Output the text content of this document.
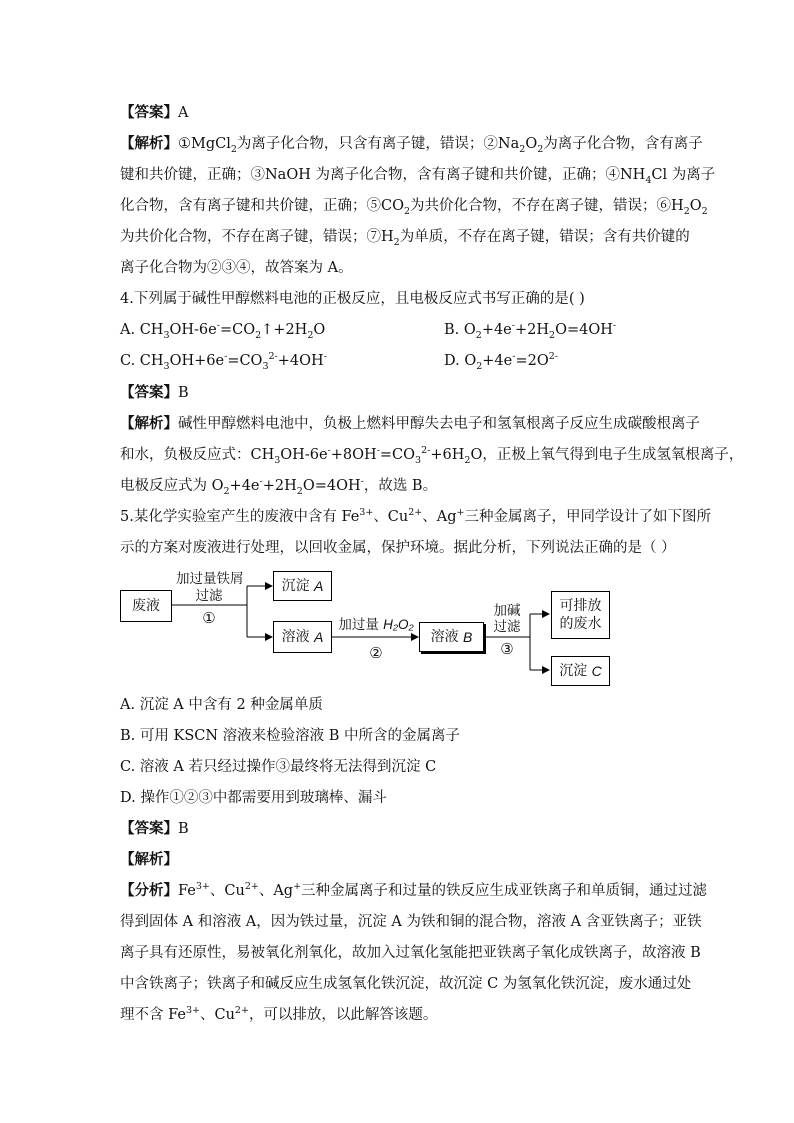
【答案】A
【解析】①MgCl$_2$为离子化合物，只含有离子键，错误；$②Na_2O_2$为离子化合物，含有离子
键和共价键，正确；③NaOH 为离子化合物，含有离子键和共价键，正确；$④NH_4Cl$ 为离子
化合物，含有离子键和共价键，正确；$⑤CO_2$为共价化合物，不存在离子键，错误；$⑥H_2O_2$
为共价化合物，不存在离子键，错误；$⑦H_2$为单质，不存在离子键，错误；含有共价键的
离子化合物为②③④，故答案为 A。
4.下列属于碱性甲醇燃料电池的正极反应，且电极反应式书写正确的是( )
A. $CH_3OH-6e^-=CO_2↑+2H_2O$	B. $O_2+4e^-+2H_2O=4OH^-$
C. $CH_3OH+6e^-=CO_3^{2-}+4OH^-$	D. $O_2+4e^-=2O^{2-}$
【答案】B
【解析】碱性甲醇燃料电池中，负极上燃料甲醇失去电子和氢氧根离子反应生成碳酸根离子
和水，负极反应式：$CH_3OH-6e^-+8OH^-=CO_3^{2-}+6H_2O$，正极上氧气得到电子生成氢氧根离子，
电极反应式为 $O_2+4e^-+2H_2O=4OH^-$，故选 B。
5.某化学实验室产生的废液中含有 $Fe^{3+}$、$Cu^{2+}$、Ag+三种金属离子，甲同学设计了如下图所
示的方案对废液进行处理，以回收金属，保护环境。据此分析，下列说法正确的是（ ）
废液
沉淀
A
溶液
A	溶液
B
可排放
的废水
沉淀
C
加过量铁屑
过滤
①	加过量 H₂O₂
②
加碱
过滤
③
A. 沉淀 A 中含有 2 种金属单质
B. 可用 KSCN 溶液来检验溶液 B 中所含的金属离子
C. 溶液 A 若只经过操作③最终将无法得到沉淀 C
D. 操作①②③中都需要用到玻璃棒、漏斗
【答案】B
【解析】
【分析】$Fe^{3+}$、$Cu^{2+}$、Ag+三种金属离子和过量的铁反应生成亚铁离子和单质铜，通过过滤
得到固体 A 和溶液 A，因为铁过量，沉淀 A 为铁和铜的混合物，溶液 A 含亚铁离子；亚铁
离子具有还原性，易被氧化剂氧化，故加入过氧化氢能把亚铁离子氧化成铁离子，故溶液 B
中含铁离子；铁离子和碱反应生成氢氧化铁沉淀，故沉淀 C 为氢氧化铁沉淀，废水通过处
理不含 $Fe^{3+}$、$Cu^{2+}$，可以排放，以此解答该题。
